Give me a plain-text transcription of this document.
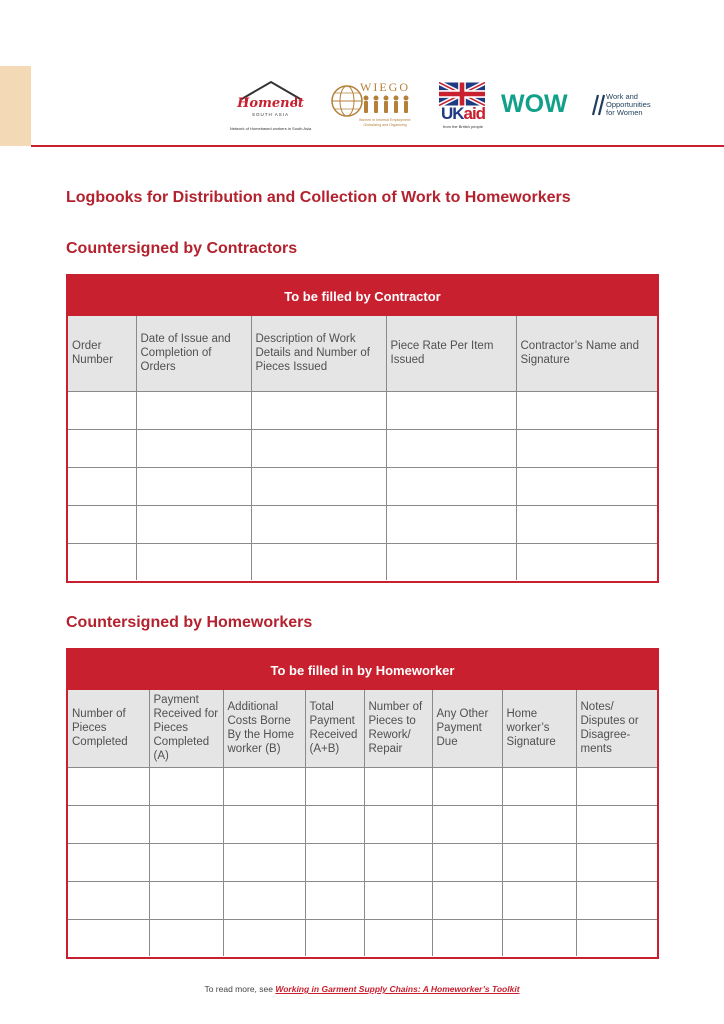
Homenet
SOUTH ASIA
Network of Homebased workers in South Asia
WIEGO
Women in Informal Employment: Globalizing and Organizing
UKaid
from the British people
WOW	Work and
Opportunities
for Women
Logbooks for Distribution and Collection of Work to Homeworkers
Countersigned by Contractors
To be filled by Contractor				
Order Number	Date of Issue and Completion of Orders	Description of Work Details and Number of Pieces Issued	Piece Rate Per Item Issued	Contractor’s Name and Signature

Countersigned by Homeworkers
To be filled in by Homeworker							
Number of Pieces Completed	Payment Received for Pieces Completed (A)	Additional Costs Borne By the Home worker (B)	Total Payment Received (A+B)	Number of Pieces to Rework/ Repair	Any Other Payment Due	Home worker’s Signature	Notes/ Disputes or Disagree-ments

To read more, see Working in Garment Supply Chains: A Homeworker’s Toolkit
